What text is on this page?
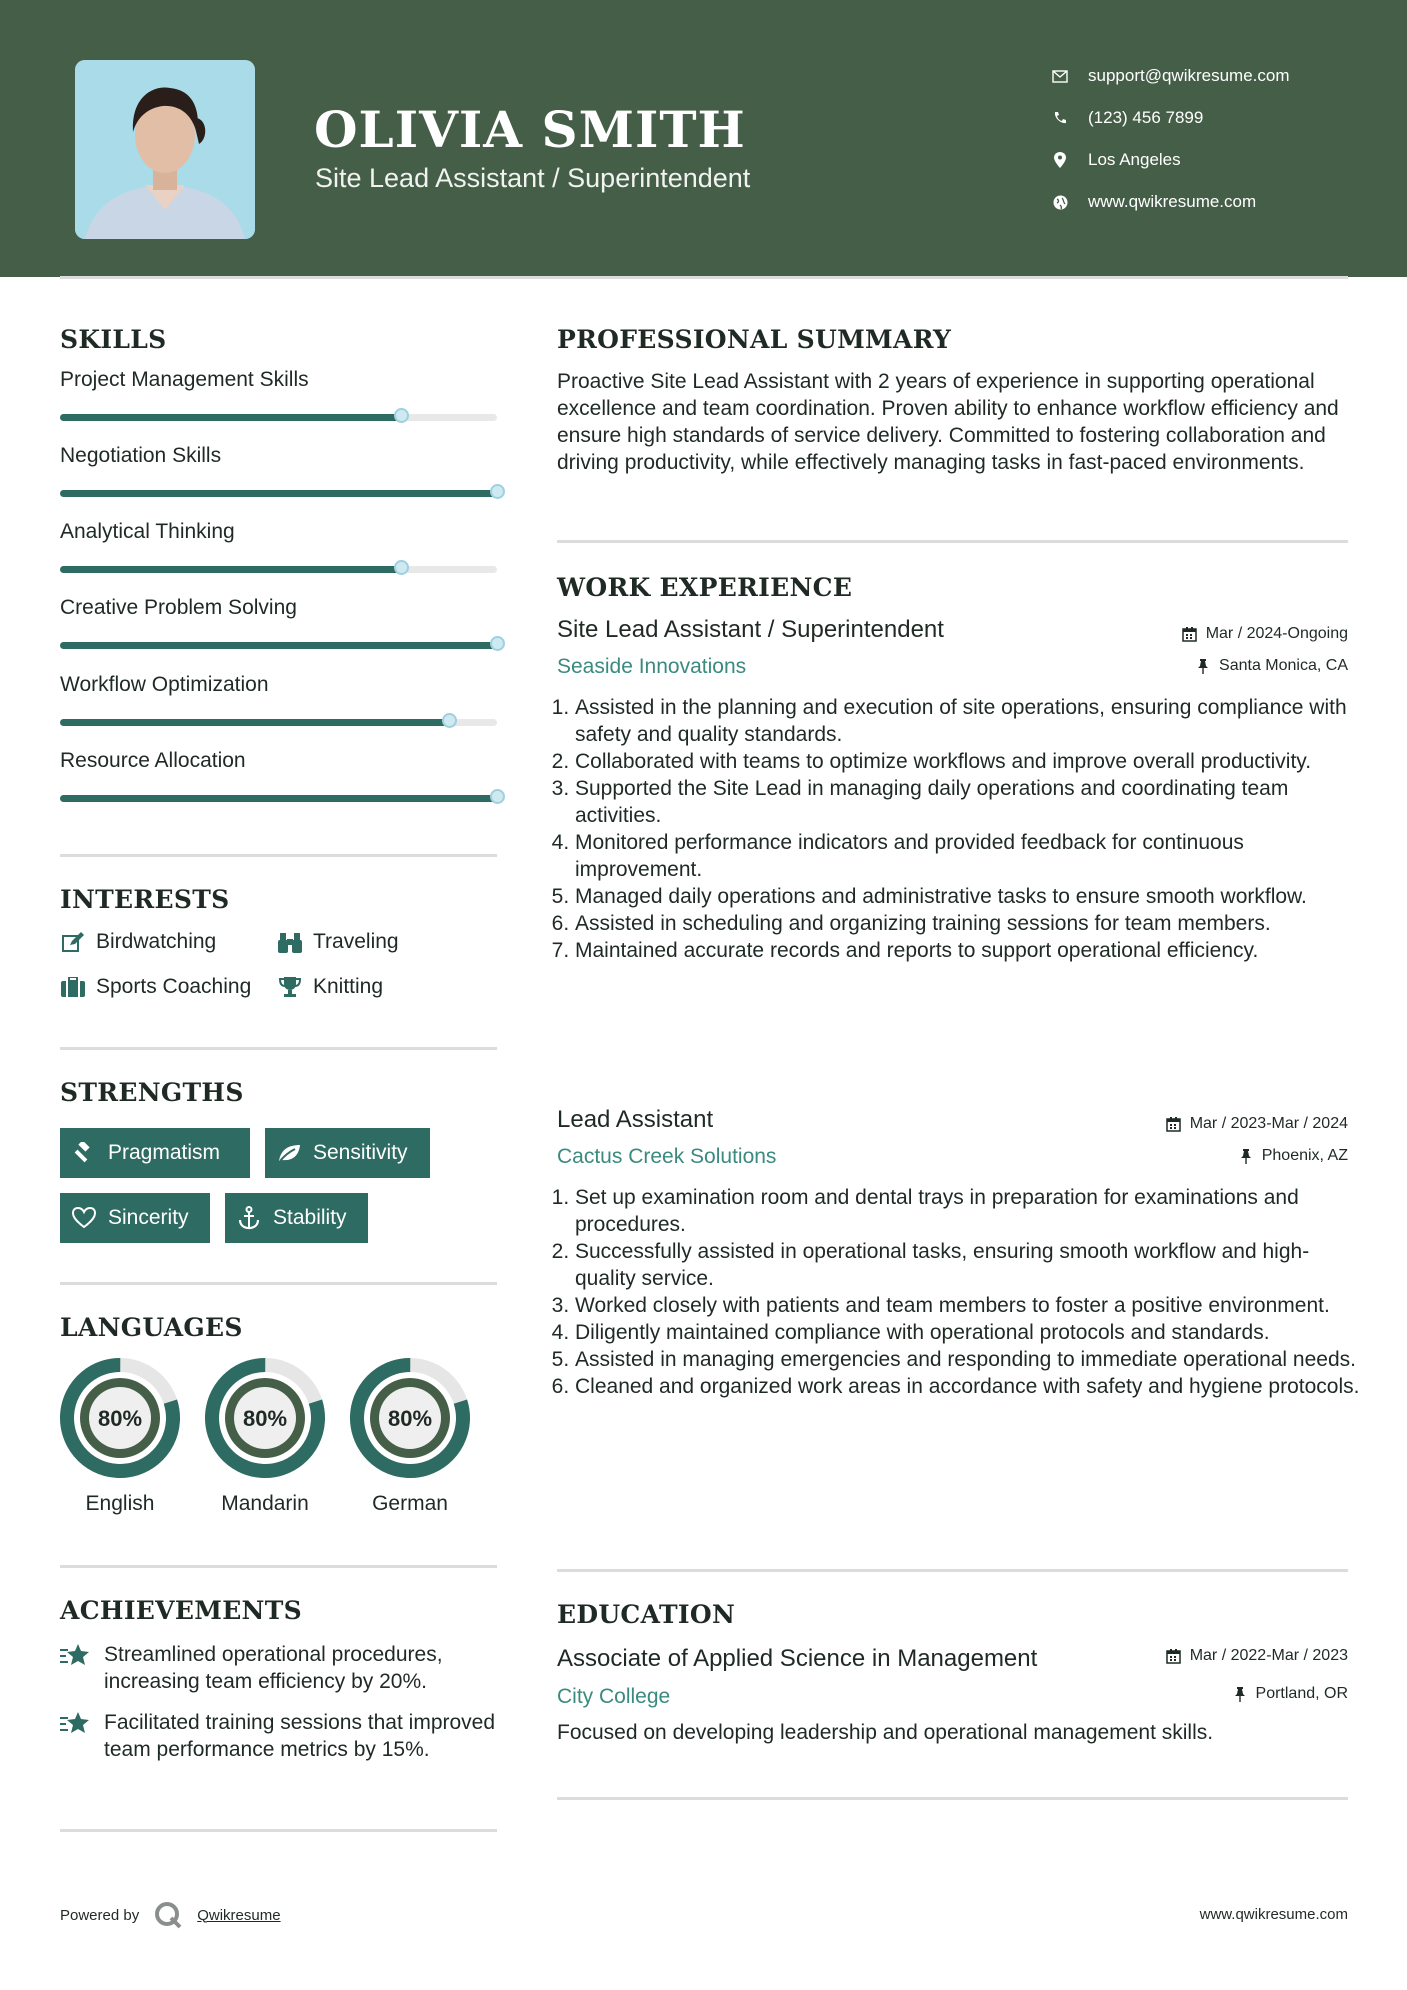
OLIVIA SMITH
Site Lead Assistant / Superintendent
support@qwikresume.com
(123) 456 7899
Los Angeles
www.qwikresume.com
SKILLS
Project Management Skills
Negotiation Skills
Analytical Thinking
Creative Problem Solving
Workflow Optimization
Resource Allocation
INTERESTS
Birdwatching	Traveling
Sports Coaching	Knitting
STRENGTHS
Pragmatism	Sensitivity
Sincerity	Stability
LANGUAGES
80%	80%	80%
English	Mandarin	German
ACHIEVEMENTS
Streamlined operational procedures, increasing team efficiency by 20%.
Facilitated training sessions that improved team performance metrics by 15%.
PROFESSIONAL SUMMARY
Proactive Site Lead Assistant with 2 years of experience in supporting operational excellence and team coordination. Proven ability to enhance workflow efficiency and ensure high standards of service delivery. Committed to fostering collaboration and driving productivity, while effectively managing tasks in fast-paced environments.
WORK EXPERIENCE
Site Lead Assistant / Superintendent	Mar / 2024-Ongoing
Seaside Innovations	Santa Monica, CA
1. Assisted in the planning and execution of site operations, ensuring compliance with safety and quality standards.
2. Collaborated with teams to optimize workflows and improve overall productivity.
3. Supported the Site Lead in managing daily operations and coordinating team activities.
4. Monitored performance indicators and provided feedback for continuous improvement.
5. Managed daily operations and administrative tasks to ensure smooth workflow.
6. Assisted in scheduling and organizing training sessions for team members.
7. Maintained accurate records and reports to support operational efficiency.
Lead Assistant	Mar / 2023-Mar / 2024
Cactus Creek Solutions	Phoenix, AZ
1. Set up examination room and dental trays in preparation for examinations and procedures.
2. Successfully assisted in operational tasks, ensuring smooth workflow and high-quality service.
3. Worked closely with patients and team members to foster a positive environment.
4. Diligently maintained compliance with operational protocols and standards.
5. Assisted in managing emergencies and responding to immediate operational needs.
6. Cleaned and organized work areas in accordance with safety and hygiene protocols.
EDUCATION
Associate of Applied Science in Management	Mar / 2022-Mar / 2023
City College	Portland, OR
Focused on developing leadership and operational management skills.
Powered by	Qwikresume	www.qwikresume.com
